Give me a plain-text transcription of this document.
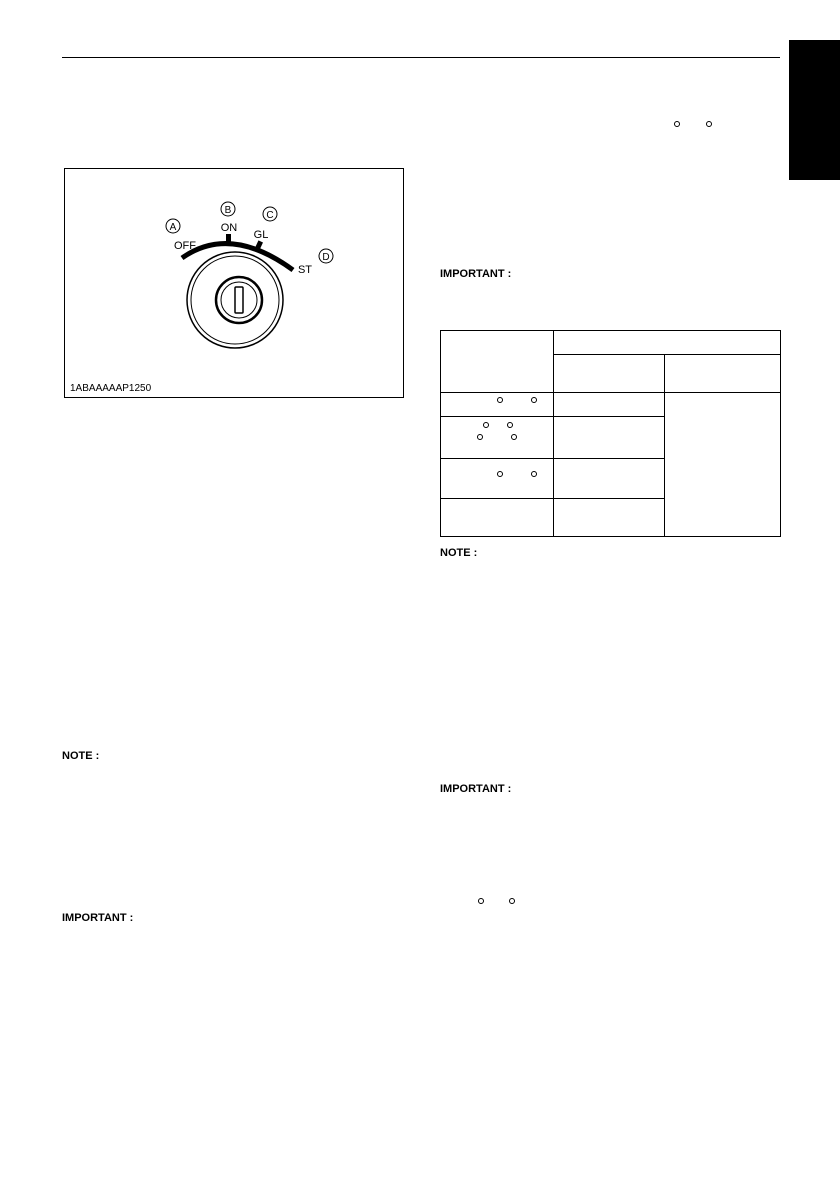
A
B	C
D
OFF
ON
GL
ST
1ABAAAAAP1250
NOTE :
IMPORTANT :
IMPORTANT :
NOTE :
IMPORTANT :
